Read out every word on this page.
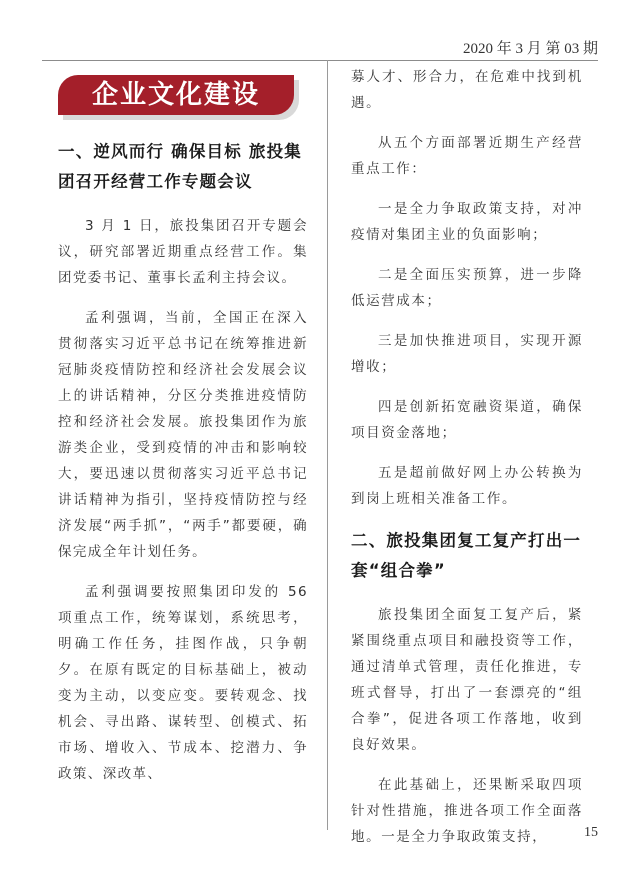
2020 年 3 月 第 03 期
企业文化建设
一、逆风而行 确保目标 旅投集团召开经营工作专题会议
3 月 1 日，旅投集团召开专题会议，研究部署近期重点经营工作。集团党委书记、董事长孟利主持会议。
孟利强调，当前，全国正在深入贯彻落实习近平总书记在统筹推进新冠肺炎疫情防控和经济社会发展会议上的讲话精神，分区分类推进疫情防控和经济社会发展。旅投集团作为旅游类企业，受到疫情的冲击和影响较大，要迅速以贯彻落实习近平总书记讲话精神为指引，坚持疫情防控与经济发展“两手抓”，“两手”都要硬，确保完成全年计划任务。
孟利强调要按照集团印发的 56 项重点工作，统筹谋划，系统思考，明确工作任务，挂图作战，只争朝夕。在原有既定的目标基础上，被动变为主动，以变应变。要转观念、找机会、寻出路、谋转型、创模式、拓市场、增收入、节成本、挖潜力、争政策、深改革、
募人才、形合力，在危难中找到机遇。
从五个方面部署近期生产经营重点工作：
一是全力争取政策支持，对冲疫情对集团主业的负面影响；
二是全面压实预算，进一步降低运营成本；
三是加快推进项目，实现开源增收；
四是创新拓宽融资渠道，确保项目资金落地；
五是超前做好网上办公转换为到岗上班相关准备工作。
二、旅投集团复工复产打出一套“组合拳”
旅投集团全面复工复产后，紧紧围绕重点项目和融投资等工作，通过清单式管理，责任化推进，专班式督导，打出了一套漂亮的“组合拳”，促进各项工作落地，收到良好效果。
在此基础上，还果断采取四项针对性措施，推进各项工作全面落地。一是全力争取政策支持，	15
